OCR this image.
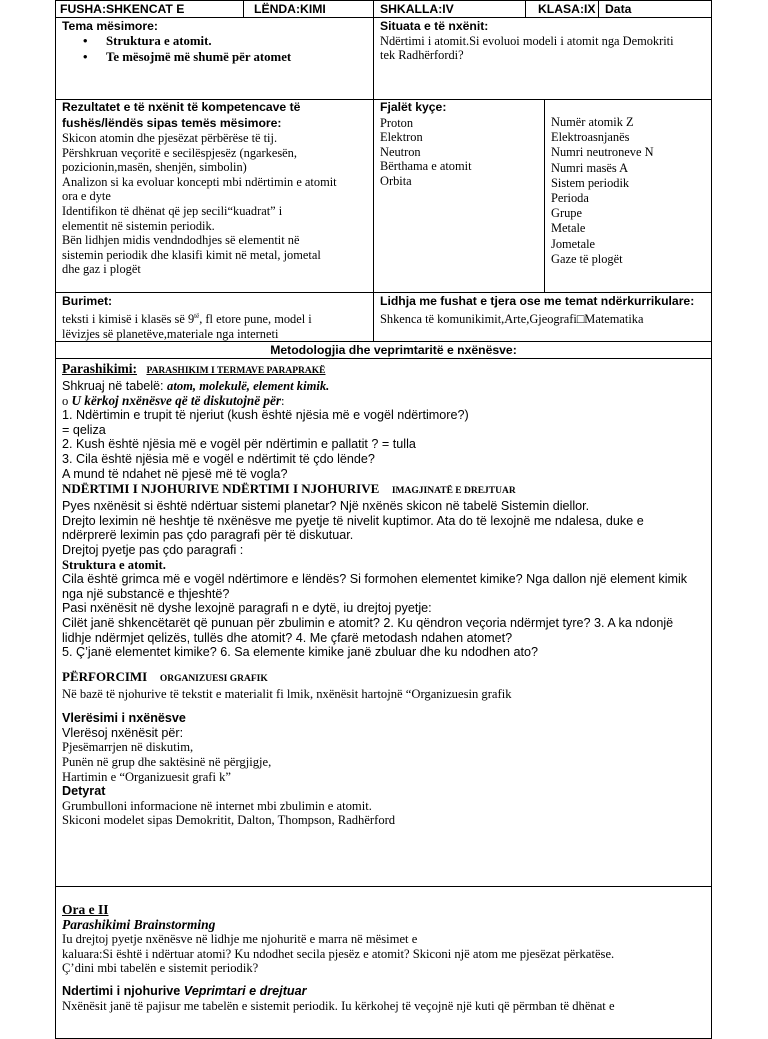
FUSHA:SHKENCAT E	LËNDA:KIMI	SHKALLA:IV	KLASA:IX Data
Tema mësimore:
• Struktura e atomit.
• Te mësojmë më shumë për atomet
Situata e të nxënit:
Ndërtimi i atomit.Si evoluoi modeli i atomit nga Demokriti
tek Radhërfordi?
Rezultatet e të nxënit të kompetencave të
fushës/lëndës sipas temës mësimore:
Skicon atomin dhe pjesëzat përbërëse të tij.
Përshkruan veçoritë e secilëspjesëz (ngarkesën,
pozicionin,masën, shenjën, simbolin)
Analizon si ka evoluar koncepti mbi ndërtimin e atomit
ora e dyte
Identifikon të dhënat që jep secili“kuadrat” i
elementit në sistemin periodik.
Bën lidhjen midis vendndodhjes së elementit në
sistemin periodik dhe klasifi kimit në metal, jometal
dhe gaz i plogët
Fjalët kyçe:
Proton
Elektron
Neutron
Bërthama e atomit
Orbita
Numër atomik Z
Elektroasnjanës
Numri neutroneve N
Numri masës A
Sistem periodik
Perioda
Grupe
Metale
Jometale
Gaze të plogët
Burimet:
teksti i kimisë i klasës së $9^{të}$, fl etore pune, model i
lëvizjes së planetëve,materiale nga interneti
Lidhja me fushat e tjera ose me temat ndërkurrikulare:
Shkenca të komunikimit,Arte,Gjeografi□Matematika
Metodologjia dhe veprimtaritë e nxënësve:
Parashikimi: PARASHIKIM I TERMAVE PARAPRAKË
Shkruaj në tabelë: atom, molekulë, element kimik.
o U kërkoj nxënësve që të diskutojnë për:
1. Ndërtimin e trupit të njeriut (kush është njësia më e vogël ndërtimore?)
= qeliza
2. Kush është njësia më e vogël për ndërtimin e pallatit ? = tulla
3. Cila është njësia më e vogël e ndërtimit të çdo lënde?
A mund të ndahet në pjesë më të vogla?
NDËRTIMI I NJOHURIVE NDËRTIMI I NJOHURIVE IMAGJINATË E DREJTUAR
Pyes nxënësit si është ndërtuar sistemi planetar? Një nxënës skicon në tabelë Sistemin diellor.
Drejto leximin në heshtje të nxënësve me pyetje të nivelit kuptimor. Ata do të lexojnë me ndalesa, duke e
ndërprerë leximin pas çdo paragrafi për të diskutuar.
Drejtoj pyetje pas çdo paragrafi :
Struktura e atomit.
Cila është grimca më e vogël ndërtimore e lëndës? Si formohen elementet kimike? Nga dallon një element kimik
nga një substancë e thjeshtë?
Pasi nxënësit në dyshe lexojnë paragrafi n e dytë, iu drejtoj pyetje:
Cilët janë shkencëtarët që punuan për zbulimin e atomit? 2. Ku qëndron veçoria ndërmjet tyre? 3. A ka ndonjë
lidhje ndërmjet qelizës, tullës dhe atomit? 4. Me çfarë metodash ndahen atomet?
5. Ç’janë elementet kimike? 6. Sa elemente kimike janë zbuluar dhe ku ndodhen ato?
PËRFORCIMI ORGANIZUESI GRAFIK
Në bazë të njohurive të tekstit e materialit fi lmik, nxënësit hartojnë “Organizuesin grafik
Vlerësimi i nxënësve
Vlerësoj nxënësit për:
Pjesëmarrjen në diskutim,
Punën në grup dhe saktësinë në përgjigje,
Hartimin e “Organizuesit grafi k”
Detyrat
Grumbulloni informacione në internet mbi zbulimin e atomit.
Skiconi modelet sipas Demokritit, Dalton, Thompson, Radhërford
Ora e II
Parashikimi Brainstorming
Iu drejtoj pyetje nxënësve në lidhje me njohuritë e marra në mësimet e
kaluara:Si është i ndërtuar atomi? Ku ndodhet secila pjesëz e atomit? Skiconi një atom me pjesëzat përkatëse.
Ç’dini mbi tabelën e sistemit periodik?
Ndertimi i njohurive Veprimtari e drejtuar
Nxënësit janë të pajisur me tabelën e sistemit periodik. Iu kërkohej të veçojnë një kuti që përmban të dhënat e
